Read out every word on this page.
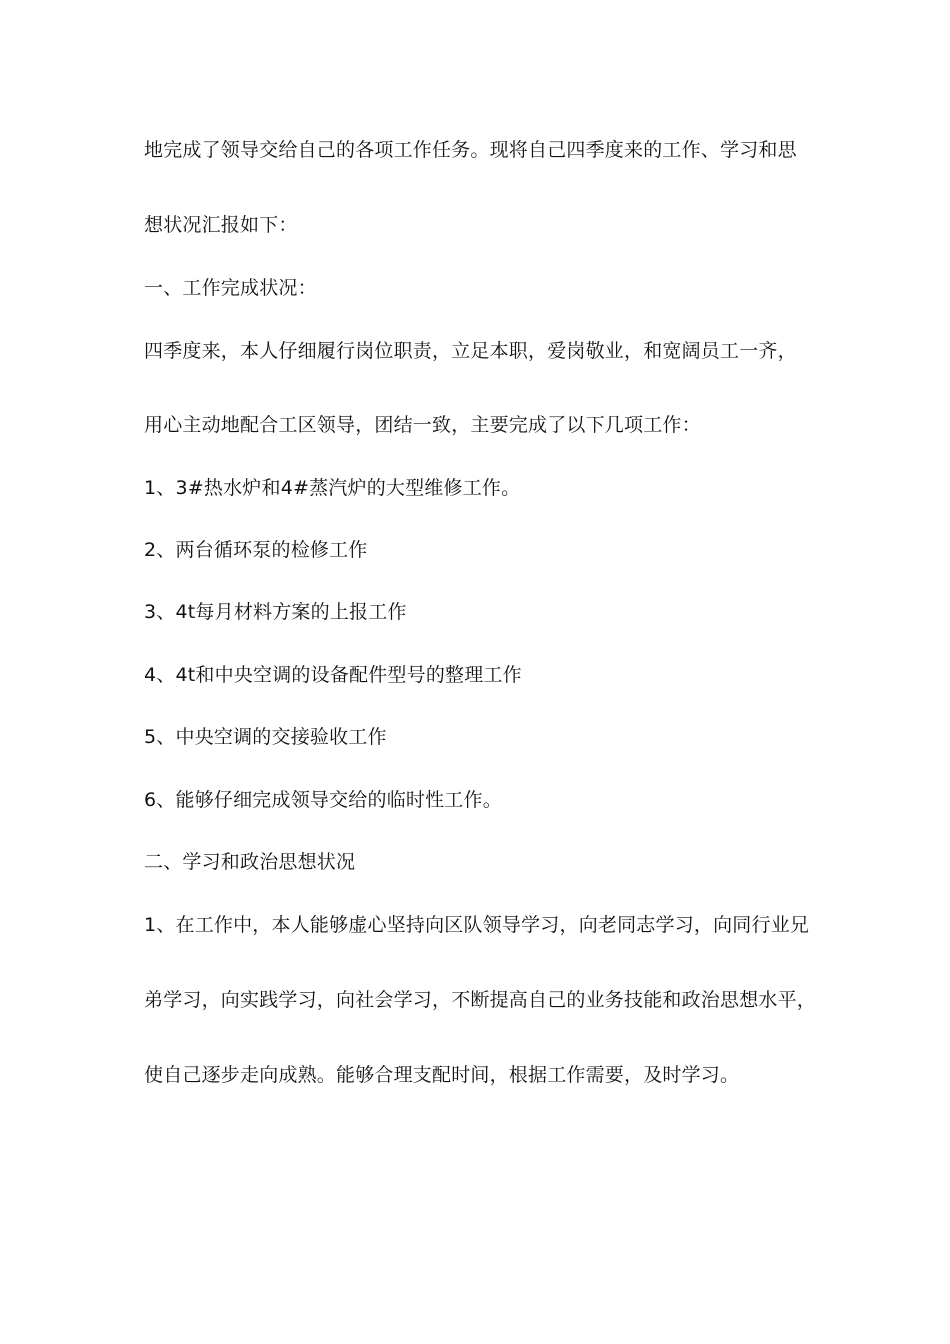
地完成了领导交给自己的各项工作任务。现将自己四季度来的工作、学习和思
想状况汇报如下：
一、工作完成状况：
四季度来，本人仔细履行岗位职责，立足本职，爱岗敬业，和宽阔员工一齐，
用心主动地配合工区领导，团结一致，主要完成了以下几项工作：
1、3#热水炉和4#蒸汽炉的大型维修工作。
2、两台循环泵的检修工作
3、4t每月材料方案的上报工作
4、4t和中央空调的设备配件型号的整理工作
5、中央空调的交接验收工作
6、能够仔细完成领导交给的临时性工作。
二、学习和政治思想状况
1、在工作中，本人能够虚心坚持向区队领导学习，向老同志学习，向同行业兄
弟学习，向实践学习，向社会学习，不断提高自己的业务技能和政治思想水平，
使自己逐步走向成熟。能够合理支配时间，根据工作需要，及时学习。
